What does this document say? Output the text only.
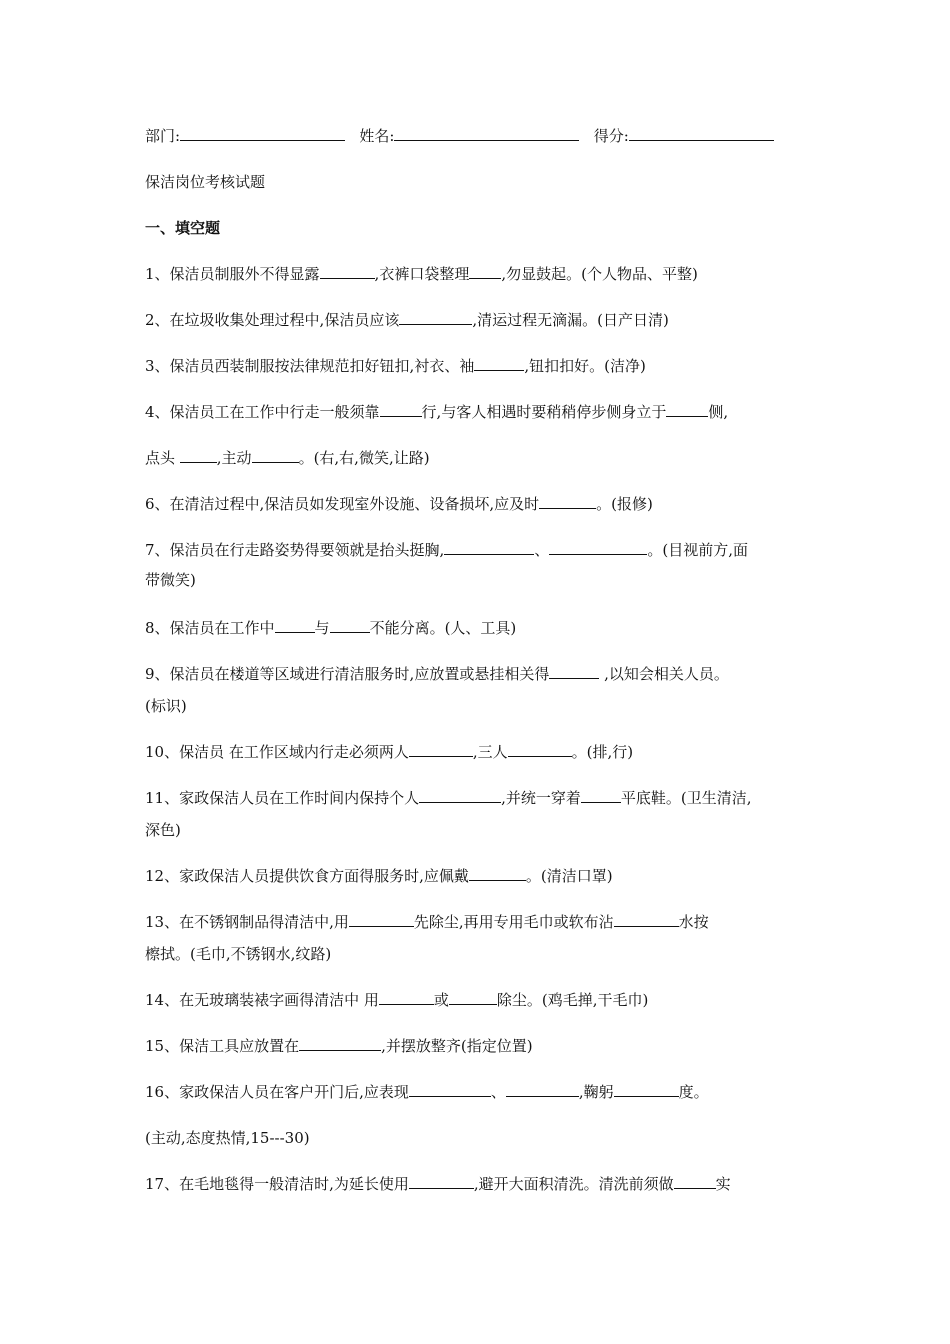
部门:	姓名:	得分:
保洁岗位考核试题
一、填空题
1、保洁员制服外不得显露	,衣裤口袋整理 ,勿显鼓起。(个人物品、平整)
2、在垃圾收集处理过程中,保洁员应该	,清运过程无滴漏。(日产日清)
3、保洁员西装制服按法律规范扣好钮扣,衬衣、袖	,钮扣扣好。(洁净)
4、保洁员工在工作中行走一般须靠	行,与客人相遇时要稍稍停步侧身立于	侧,
点头 ,主动	。(右,右,微笑,让路)
6、在清洁过程中,保洁员如发现室外设施、设备损坏,应及时	。(报修)
7、保洁员在行走路姿势得要领就是抬头挺胸,	、	。(目视前方,面
带微笑)
8、保洁员在工作中	与	不能分离。(人、工具)
9、保洁员在楼道等区域进行清洁服务时,应放置或悬挂相关得	,以知会相关人员。
(标识)
10、保洁员 在工作区域内行走必须两人	,三人	。(排,行)
11、家政保洁人员在工作时间内保持个人	,并统一穿着	平底鞋。(卫生清洁,
深色)
12、家政保洁人员提供饮食方面得服务时,应佩戴	。(清洁口罩)
13、在不锈钢制品得清洁中,用	先除尘,再用专用毛巾或软布沾	水按
檫拭。(毛巾,不锈钢水,纹路)
14、在无玻璃装裱字画得清洁中 用	或	除尘。(鸡毛掸,干毛巾)
15、保洁工具应放置在	,并摆放整齐(指定位置)
16、家政保洁人员在客户开门后,应表现	、	,鞠躬	度。
(主动,态度热情,15---30)
17、在毛地毯得一般清洁时,为延长使用	,避开大面积清洗。清洗前须做	实
